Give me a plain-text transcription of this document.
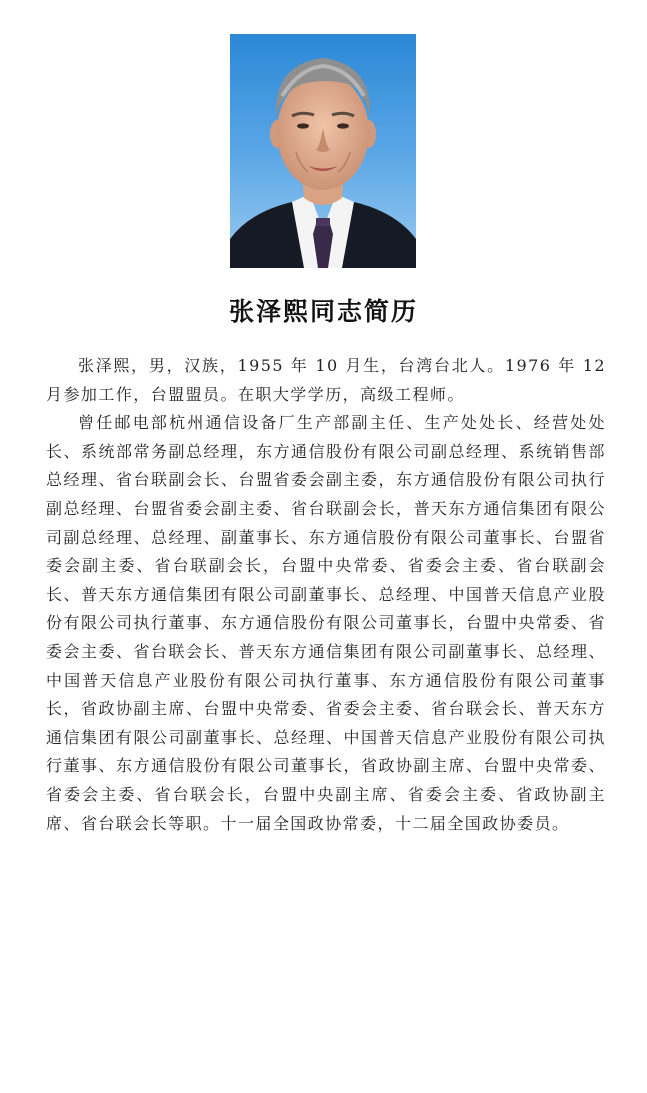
张泽熙同志简历

张泽熙，男，汉族，1955 年 10 月生，台湾台北人。1976 年 12 月参加工作，台盟盟员。在职大学学历，高级工程师。

曾任邮电部杭州通信设备厂生产部副主任、生产处处长、经营处处长、系统部常务副总经理，东方通信股份有限公司副总经理、系统销售部总经理、省台联副会长、台盟省委会副主委，东方通信股份有限公司执行副总经理、台盟省委会副主委、省台联副会长，普天东方通信集团有限公司副总经理、总经理、副董事长、东方通信股份有限公司董事长、台盟省委会副主委、省台联副会长，台盟中央常委、省委会主委、省台联副会长、普天东方通信集团有限公司副董事长、总经理、中国普天信息产业股份有限公司执行董事、东方通信股份有限公司董事长，台盟中央常委、省委会主委、省台联会长、普天东方通信集团有限公司副董事长、总经理、中国普天信息产业股份有限公司执行董事、东方通信股份有限公司董事长，省政协副主席、台盟中央常委、省委会主委、省台联会长、普天东方通信集团有限公司副董事长、总经理、中国普天信息产业股份有限公司执行董事、东方通信股份有限公司董事长，省政协副主席、台盟中央常委、省委会主委、省台联会长，台盟中央副主席、省委会主委、省政协副主席、省台联会长等职。十一届全国政协常委，十二届全国政协委员。
